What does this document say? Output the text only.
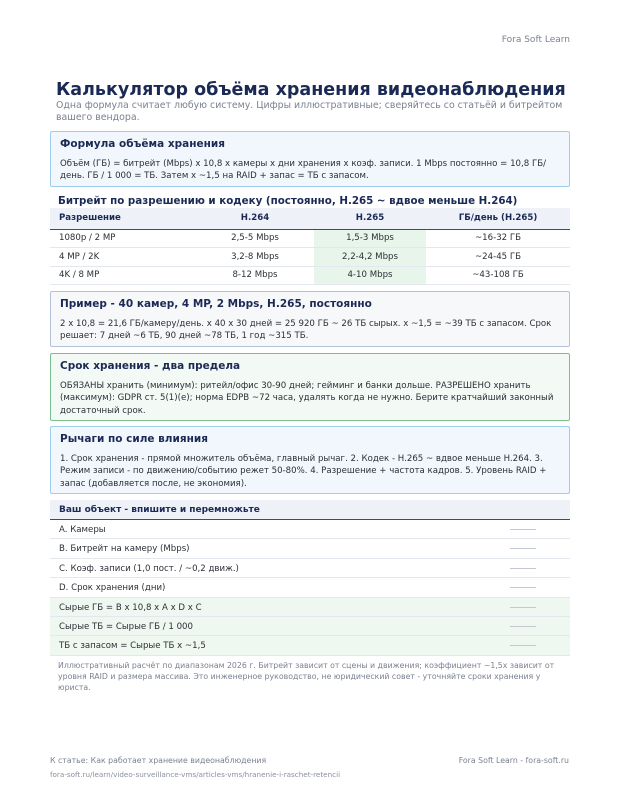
Fora Soft Learn
Калькулятор объёма хранения видеонаблюдения

Одна формула считает любую систему. Цифры иллюстративные; сверяйтесь со статьёй и битрейтом вашего вендора.

Формула объёма хранения
Объём (ГБ) = битрейт (Mbps) x 10,8 x камеры x дни хранения x коэф. записи. 1 Mbps постоянно = 10,8 ГБ/день. ГБ / 1 000 = ТБ. Затем x ~1,5 на RAID + запас = ТБ с запасом.
Битрейт по разрешению и кодеку (постоянно, H.265 ~ вдвое меньше H.264)
Разрешение	H.264	H.265	ГБ/день (H.265)
1080p / 2 MP	2,5-5 Mbps	1,5-3 Mbps	~16-32 ГБ
4 MP / 2K	3,2-8 Mbps	2,2-4,2 Mbps	~24-45 ГБ
4K / 8 MP	8-12 Mbps	4-10 Mbps	~43-108 ГБ
Пример - 40 камер, 4 MP, 2 Mbps, H.265, постоянно
2 x 10,8 = 21,6 ГБ/камеру/день. x 40 x 30 дней = 25 920 ГБ ~ 26 ТБ сырых. x ~1,5 = ~39 ТБ с запасом. Срок решает: 7 дней ~6 ТБ, 90 дней ~78 ТБ, 1 год ~315 ТБ.
Срок хранения - два предела
ОБЯЗАНЫ хранить (минимум): ритейл/офис 30-90 дней; гейминг и банки дольше. РАЗРЕШЕНО хранить (максимум): GDPR ст. 5(1)(e); норма EDPB ~72 часа, удалять когда не нужно. Берите кратчайший законный достаточный срок.
Рычаги по силе влияния
1. Срок хранения - прямой множитель объёма, главный рычаг. 2. Кодек - H.265 ~ вдвое меньше H.264. 3. Режим записи - по движению/событию режет 50-80%. 4. Разрешение + частота кадров. 5. Уровень RAID + запас (добавляется после, не экономия).
Ваш объект - впишите и перемножьте
A. Камеры
B. Битрейт на камеру (Mbps)
C. Коэф. записи (1,0 пост. / ~0,2 движ.)
D. Срок хранения (дни)
Сырые ГБ = B x 10,8 x A x D x C
Сырые ТБ = Сырые ГБ / 1 000
ТБ с запасом = Сырые ТБ x ~1,5

Иллюстративный расчёт по диапазонам 2026 г. Битрейт зависит от сцены и движения; коэффициент ~1,5x зависит от уровня RAID и размера массива. Это инженерное руководство, не юридический совет - уточняйте сроки хранения у юриста.

К статье: Как работает хранение видеонаблюдения
fora-soft.ru/learn/video-surveillance-vms/articles-vms/hranenie-i-raschet-retencii
Fora Soft Learn - fora-soft.ru
